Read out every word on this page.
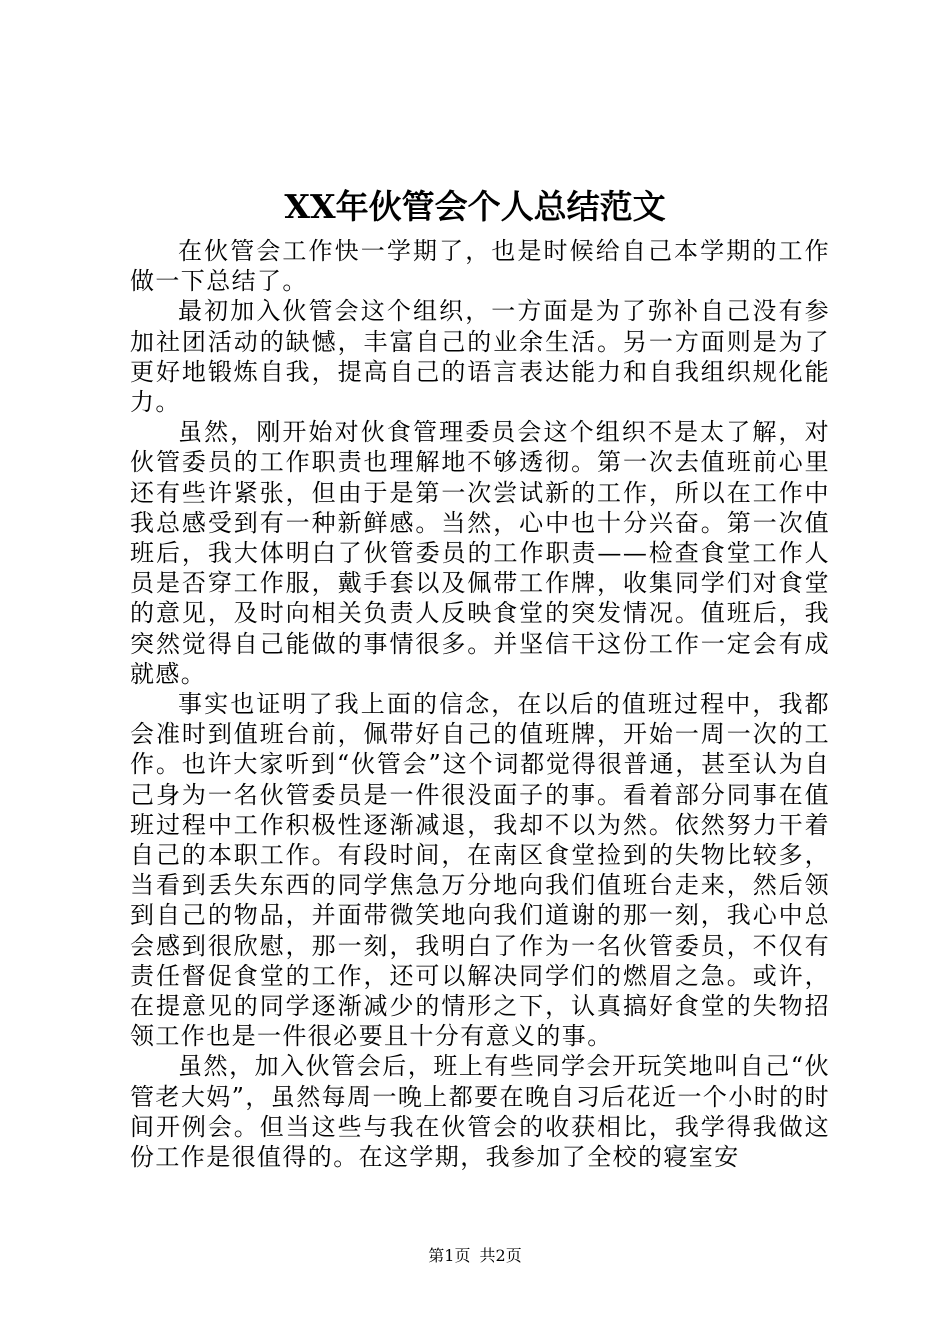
XX年伙管会个人总结范文

在伙管会工作快一学期了，也是时候给自己本学期的工作做一下总结了。

最初加入伙管会这个组织，一方面是为了弥补自己没有参加社团活动的缺憾，丰富自己的业余生活。另一方面则是为了更好地锻炼自我，提高自己的语言表达能力和自我组织规化能力。

虽然，刚开始对伙食管理委员会这个组织不是太了解，对伙管委员的工作职责也理解地不够透彻。第一次去值班前心里还有些许紧张，但由于是第一次尝试新的工作，所以在工作中我总感受到有一种新鲜感。当然，心中也十分兴奋。第一次值班后，我大体明白了伙管委员的工作职责——检查食堂工作人员是否穿工作服，戴手套以及佩带工作牌，收集同学们对食堂的意见，及时向相关负责人反映食堂的突发情况。值班后，我突然觉得自己能做的事情很多。并坚信干这份工作一定会有成就感。

事实也证明了我上面的信念，在以后的值班过程中，我都会准时到值班台前，佩带好自己的值班牌，开始一周一次的工作。也许大家听到“伙管会”这个词都觉得很普通，甚至认为自己身为一名伙管委员是一件很没面子的事。看着部分同事在值班过程中工作积极性逐渐减退，我却不以为然。依然努力干着自己的本职工作。有段时间，在南区食堂捡到的失物比较多，当看到丢失东西的同学焦急万分地向我们值班台走来，然后领到自己的物品，并面带微笑地向我们道谢的那一刻，我心中总会感到很欣慰，那一刻，我明白了作为一名伙管委员，不仅有责任督促食堂的工作，还可以解决同学们的燃眉之急。或许，在提意见的同学逐渐减少的情形之下，认真搞好食堂的失物招领工作也是一件很必要且十分有意义的事。

虽然，加入伙管会后，班上有些同学会开玩笑地叫自己“伙管老大妈”，虽然每周一晚上都要在晚自习后花近一个小时的时间开例会。但当这些与我在伙管会的收获相比，我学得我做这份工作是很值得的。在这学期，我参加了全校的寝室安

第1页 共2页
